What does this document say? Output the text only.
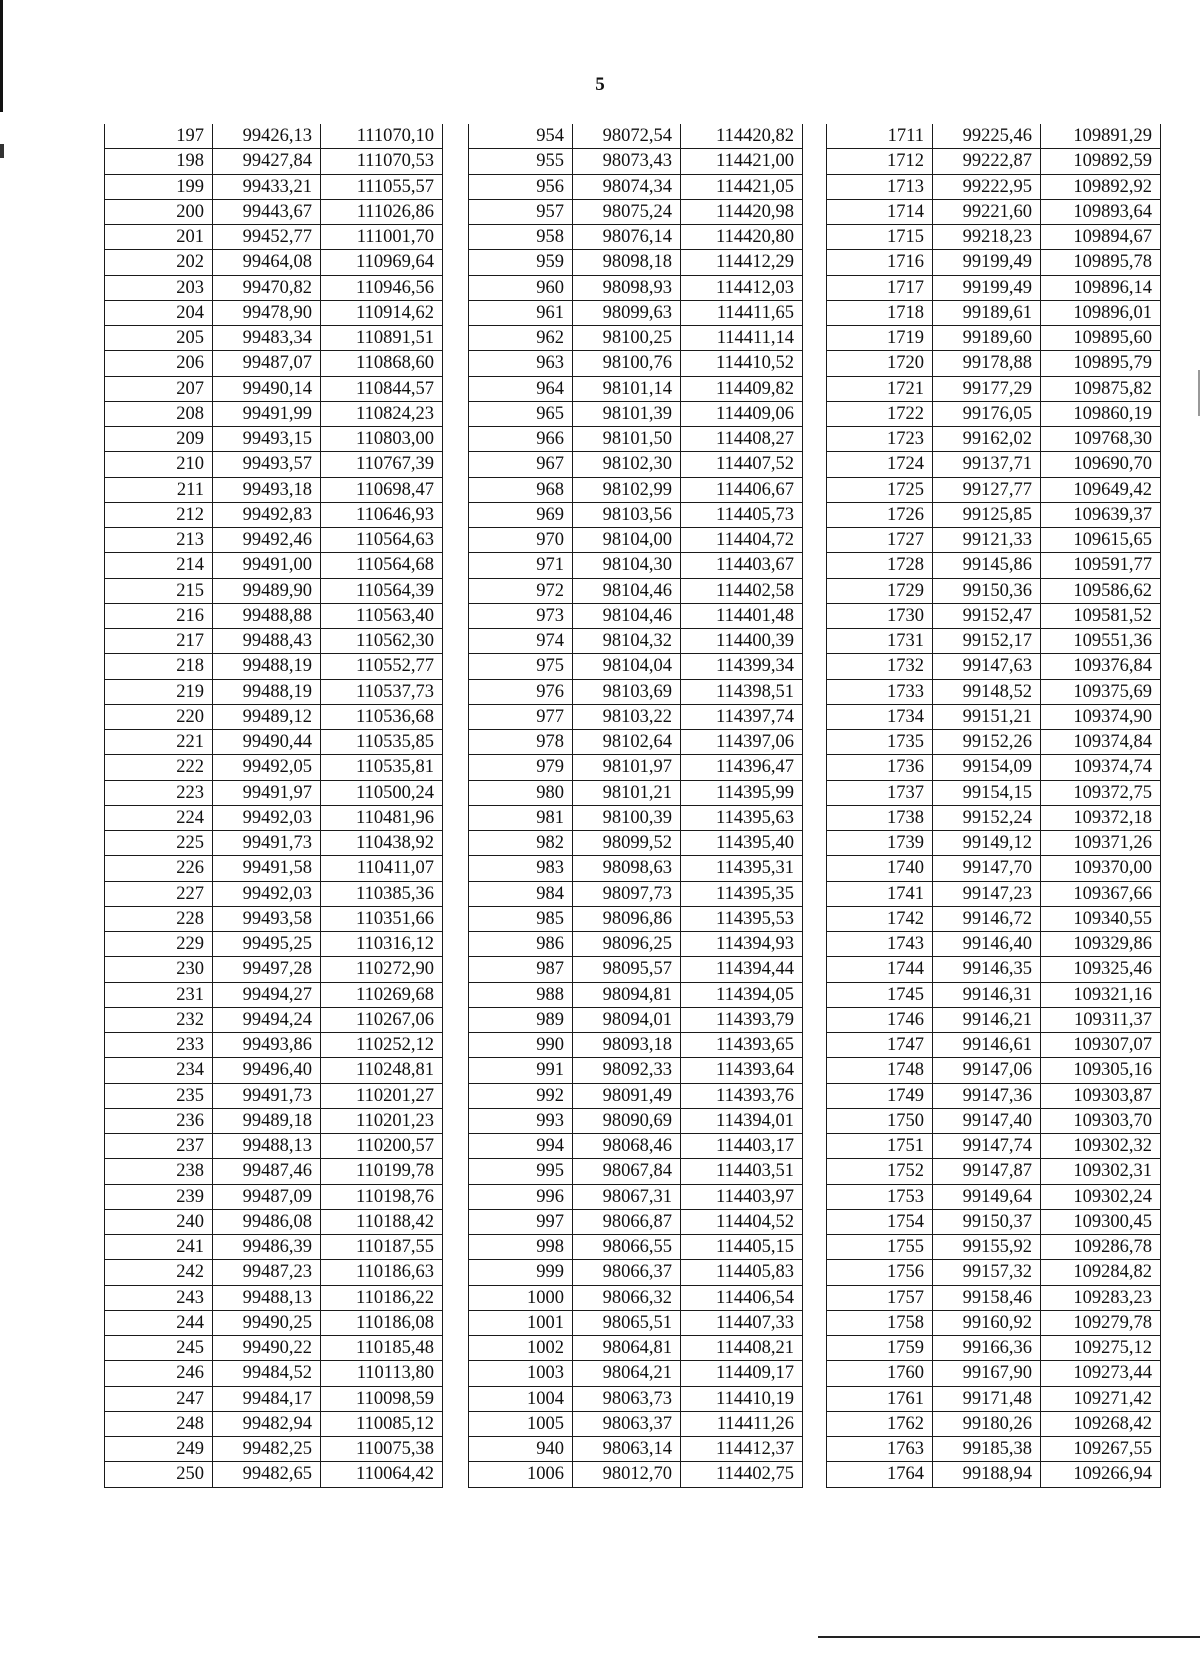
5
197	99426,13	111070,10
198	99427,84	111070,53
199	99433,21	111055,57
200	99443,67	111026,86
201	99452,77	111001,70
202	99464,08	110969,64
203	99470,82	110946,56
204	99478,90	110914,62
205	99483,34	110891,51
206	99487,07	110868,60
207	99490,14	110844,57
208	99491,99	110824,23
209	99493,15	110803,00
210	99493,57	110767,39
211	99493,18	110698,47
212	99492,83	110646,93
213	99492,46	110564,63
214	99491,00	110564,68
215	99489,90	110564,39
216	99488,88	110563,40
217	99488,43	110562,30
218	99488,19	110552,77
219	99488,19	110537,73
220	99489,12	110536,68
221	99490,44	110535,85
222	99492,05	110535,81
223	99491,97	110500,24
224	99492,03	110481,96
225	99491,73	110438,92
226	99491,58	110411,07
227	99492,03	110385,36
228	99493,58	110351,66
229	99495,25	110316,12
230	99497,28	110272,90
231	99494,27	110269,68
232	99494,24	110267,06
233	99493,86	110252,12
234	99496,40	110248,81
235	99491,73	110201,27
236	99489,18	110201,23
237	99488,13	110200,57
238	99487,46	110199,78
239	99487,09	110198,76
240	99486,08	110188,42
241	99486,39	110187,55
242	99487,23	110186,63
243	99488,13	110186,22
244	99490,25	110186,08
245	99490,22	110185,48
246	99484,52	110113,80
247	99484,17	110098,59
248	99482,94	110085,12
249	99482,25	110075,38
250	99482,65	110064,42
954	98072,54	114420,82
955	98073,43	114421,00
956	98074,34	114421,05
957	98075,24	114420,98
958	98076,14	114420,80
959	98098,18	114412,29
960	98098,93	114412,03
961	98099,63	114411,65
962	98100,25	114411,14
963	98100,76	114410,52
964	98101,14	114409,82
965	98101,39	114409,06
966	98101,50	114408,27
967	98102,30	114407,52
968	98102,99	114406,67
969	98103,56	114405,73
970	98104,00	114404,72
971	98104,30	114403,67
972	98104,46	114402,58
973	98104,46	114401,48
974	98104,32	114400,39
975	98104,04	114399,34
976	98103,69	114398,51
977	98103,22	114397,74
978	98102,64	114397,06
979	98101,97	114396,47
980	98101,21	114395,99
981	98100,39	114395,63
982	98099,52	114395,40
983	98098,63	114395,31
984	98097,73	114395,35
985	98096,86	114395,53
986	98096,25	114394,93
987	98095,57	114394,44
988	98094,81	114394,05
989	98094,01	114393,79
990	98093,18	114393,65
991	98092,33	114393,64
992	98091,49	114393,76
993	98090,69	114394,01
994	98068,46	114403,17
995	98067,84	114403,51
996	98067,31	114403,97
997	98066,87	114404,52
998	98066,55	114405,15
999	98066,37	114405,83
1000	98066,32	114406,54
1001	98065,51	114407,33
1002	98064,81	114408,21
1003	98064,21	114409,17
1004	98063,73	114410,19
1005	98063,37	114411,26
940	98063,14	114412,37
1006	98012,70	114402,75
1711	99225,46	109891,29
1712	99222,87	109892,59
1713	99222,95	109892,92
1714	99221,60	109893,64
1715	99218,23	109894,67
1716	99199,49	109895,78
1717	99199,49	109896,14
1718	99189,61	109896,01
1719	99189,60	109895,60
1720	99178,88	109895,79
1721	99177,29	109875,82
1722	99176,05	109860,19
1723	99162,02	109768,30
1724	99137,71	109690,70
1725	99127,77	109649,42
1726	99125,85	109639,37
1727	99121,33	109615,65
1728	99145,86	109591,77
1729	99150,36	109586,62
1730	99152,47	109581,52
1731	99152,17	109551,36
1732	99147,63	109376,84
1733	99148,52	109375,69
1734	99151,21	109374,90
1735	99152,26	109374,84
1736	99154,09	109374,74
1737	99154,15	109372,75
1738	99152,24	109372,18
1739	99149,12	109371,26
1740	99147,70	109370,00
1741	99147,23	109367,66
1742	99146,72	109340,55
1743	99146,40	109329,86
1744	99146,35	109325,46
1745	99146,31	109321,16
1746	99146,21	109311,37
1747	99146,61	109307,07
1748	99147,06	109305,16
1749	99147,36	109303,87
1750	99147,40	109303,70
1751	99147,74	109302,32
1752	99147,87	109302,31
1753	99149,64	109302,24
1754	99150,37	109300,45
1755	99155,92	109286,78
1756	99157,32	109284,82
1757	99158,46	109283,23
1758	99160,92	109279,78
1759	99166,36	109275,12
1760	99167,90	109273,44
1761	99171,48	109271,42
1762	99180,26	109268,42
1763	99185,38	109267,55
1764	99188,94	109266,94
